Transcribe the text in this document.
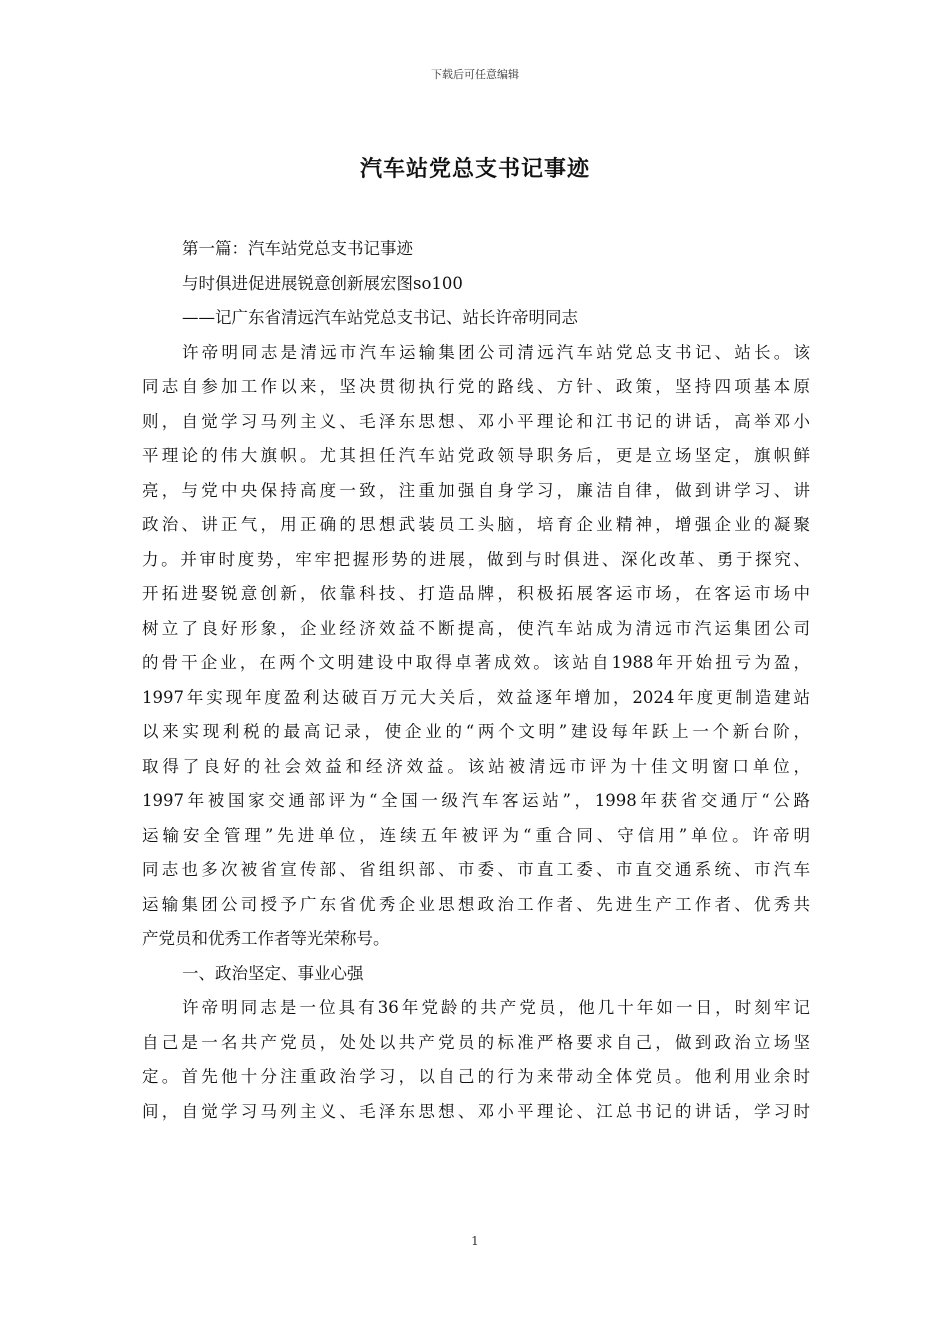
下载后可任意编辑
汽车站党总支书记事迹
第一篇：汽车站党总支书记事迹
与时俱进促进展锐意创新展宏图so100
——记广东省清远汽车站党总支书记、站长许帝明同志
许帝明同志是清远市汽车运输集团公司清远汽车站党总支书记、站长。该
同志自参加工作以来，坚决贯彻执行党的路线、方针、政策，坚持四项基本原
则，自觉学习马列主义、毛泽东思想、邓小平理论和江书记的讲话，高举邓小
平理论的伟大旗帜。尤其担任汽车站党政领导职务后，更是立场坚定，旗帜鲜
亮，与党中央保持高度一致，注重加强自身学习，廉洁自律，做到讲学习、讲
政治、讲正气，用正确的思想武装员工头脑，培育企业精神，增强企业的凝聚
力。并审时度势，牢牢把握形势的进展，做到与时俱进、深化改革、勇于探究、
开拓进娶锐意创新，依靠科技、打造品牌，积极拓展客运市场，在客运市场中
树立了良好形象，企业经济效益不断提高，使汽车站成为清远市汽运集团公司
的骨干企业，在两个文明建设中取得卓著成效。该站自1988年开始扭亏为盈，
1997年实现年度盈利达破百万元大关后，效益逐年增加，2024年度更制造建站
以来实现利税的最高记录，使企业的“两个文明”建设每年跃上一个新台阶，
取得了良好的社会效益和经济效益。该站被清远市评为十佳文明窗口单位，
1997年被国家交通部评为“全国一级汽车客运站”，1998年获省交通厅“公路
运输安全管理”先进单位，连续五年被评为“重合同、守信用”单位。许帝明
同志也多次被省宣传部、省组织部、市委、市直工委、市直交通系统、市汽车
运输集团公司授予广东省优秀企业思想政治工作者、先进生产工作者、优秀共
产党员和优秀工作者等光荣称号。
一、政治坚定、事业心强
许帝明同志是一位具有36年党龄的共产党员，他几十年如一日，时刻牢记
自己是一名共产党员，处处以共产党员的标准严格要求自己，做到政治立场坚
定。首先他十分注重政治学习，以自己的行为来带动全体党员。他利用业余时
间，自觉学习马列主义、毛泽东思想、邓小平理论、江总书记的讲话，学习时
1
